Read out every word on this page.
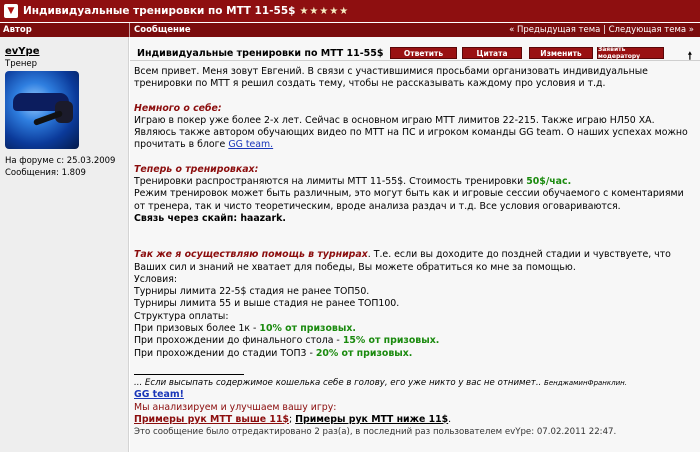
▼ Индивидуальные тренировки по МТТ 11-55$ ★★★★★
Автор	Сообщение	« Предыдущая тема | Следующая тема »
evYpe
Тренер
На форуме с: 25.03.2009
Сообщения: 1.809
Индивидуальные тренировки по МТТ 11-55$	Ответить	Цитата	Изменить	Заявить модератору	🠕
Всем привет. Меня зовут Евгений. В связи с участившимися просьбами организовать индивидуальные тренировки по МТТ я решил создать тему, чтобы не рассказывать каждому про условия и т.д.
Немного о себе:
Играю в покер уже более 2-х лет. Сейчас в основном играю МТТ лимитов 22-215. Также играю НЛ50 ХА. Являюсь также автором обучающих видео по МТТ на ПС и игроком команды GG team. О наших успехах можно прочитать в блоге GG team.
Теперь о тренировках:
Тренировки распространяются на лимиты МТТ 11-55$. Стоимость тренировки 50$/час.
Режим тренировок может быть различным, это могут быть как и игровые сессии обучаемого с коментариями от тренера, так и чисто теоретическим, вроде анализа раздач и т.д. Все условия оговариваются.
Связь через скайп: haazark.
Так же я осуществляю помощь в турнирах. Т.е. если вы доходите до поздней стадии и чувствуете, что Ваших сил и знаний не хватает для победы, Вы можете обратиться ко мне за помощью.
Условия:
Турниры лимита 22-5$ стадия не ранее ТОП50.
Турниры лимита 55 и выше стадия не ранее ТОП100.
Структура оплаты:
При призовых более 1к - 10% от призовых.
При прохождении до финального стола - 15% от призовых.
При прохождении до стадии ТОП3 - 20% от призовых.
... Если высыпать содержимое кошелька себе в голову, его уже никто у вас не отнимет.. БенджаминФранклин.
GG team!
Мы анализируем и улучшаем вашу игру:
Примеры рук МТТ выше 11$; Примеры рук МТТ ниже 11$.
Это сообщение было отредактировано 2 раз(а), в последний раз пользователем evYpe: 07.02.2011 22:47.
